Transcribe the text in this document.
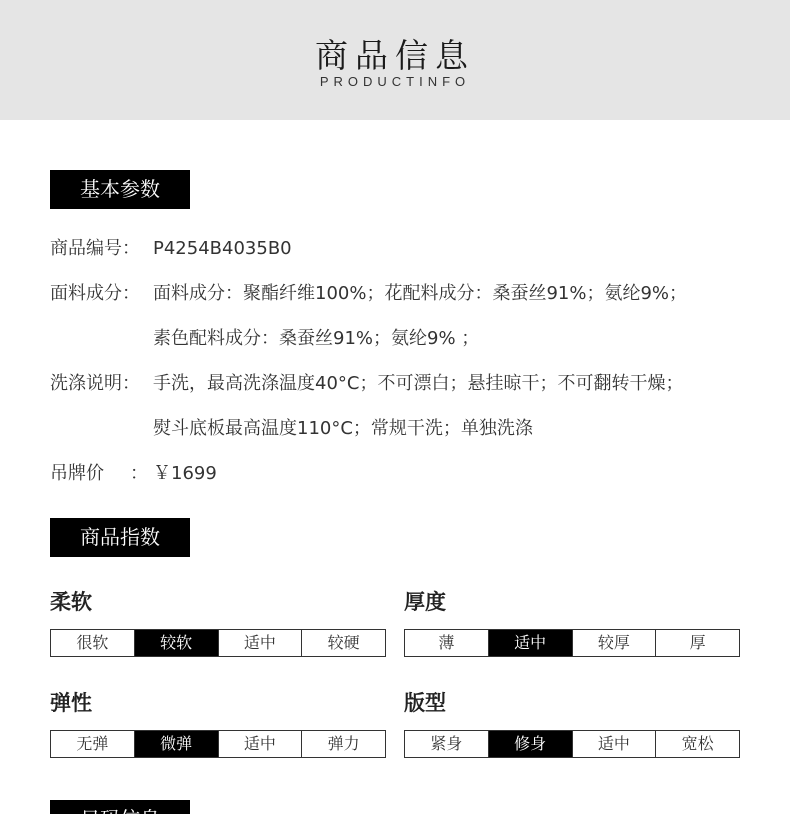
商品信息
PRODUCTINFO
基本参数
商品编号： P4254B4035B0
面料成分： 面料成分：聚酯纤维100%；花配料成分：桑蚕丝91%；氨纶9%；
素色配料成分：桑蚕丝91%；氨纶9% ；
洗涤说明： 手洗，最高洗涤温度40°C；不可漂白；悬挂晾干；不可翻转干燥；
熨斗底板最高温度110°C；常规干洗；单独洗涤
吊牌价 ： ￥1699
商品指数
柔软
很软	较软	适中	较硬
厚度
薄	适中	较厚	厚
弹性
无弹	微弹	适中	弹力
版型
紧身	修身	适中	宽松
尺码信息
